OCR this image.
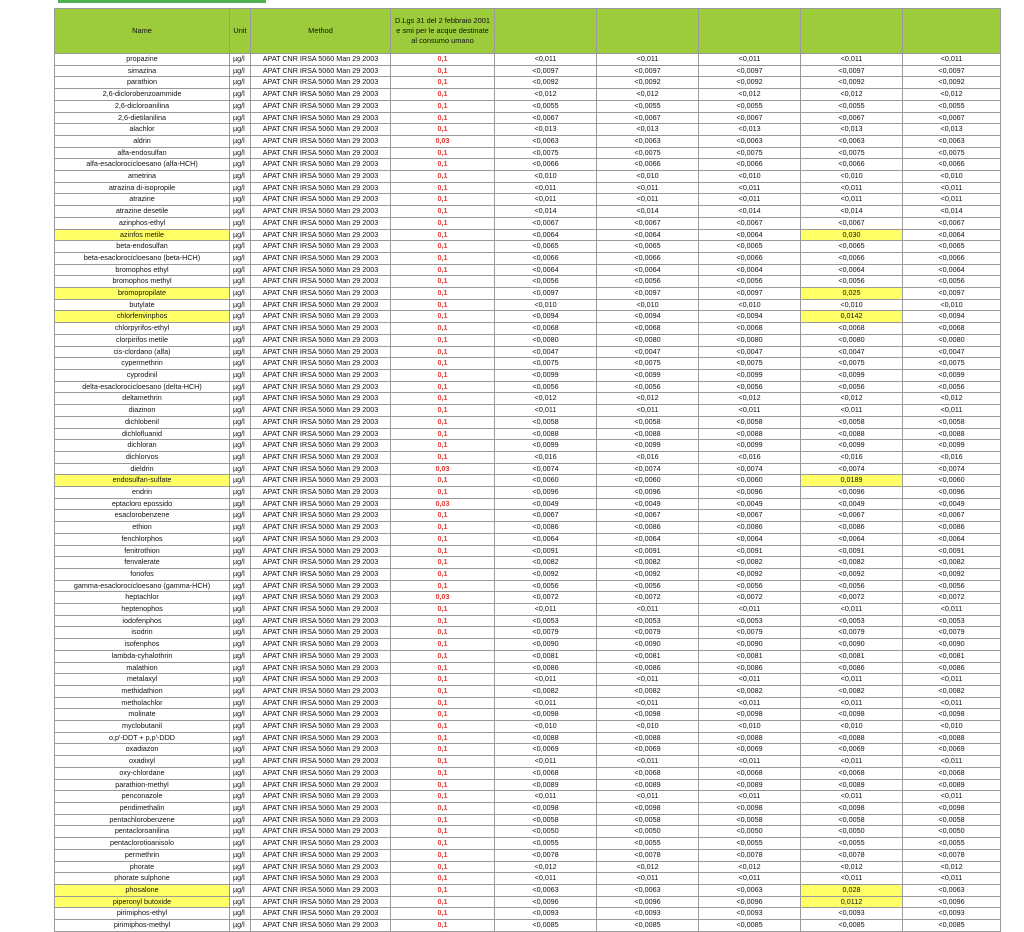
Name	Unit	Method	D.Lgs 31 del 2 febbraio 2001 e smi per le acque destinate al consumo umano					
propazine	µg/l	APAT CNR IRSA 5060 Man 29 2003	0,1	<0,011	<0,011	<0,011	<0,011	<0,011
simazina	µg/l	APAT CNR IRSA 5060 Man 29 2003	0,1	<0,0097	<0,0097	<0,0097	<0,0097	<0,0097
parathion	µg/l	APAT CNR IRSA 5060 Man 29 2003	0,1	<0,0092	<0,0092	<0,0092	<0,0092	<0,0092
2,6-diclorobenzoammide	µg/l	APAT CNR IRSA 5060 Man 29 2003	0,1	<0,012	<0,012	<0,012	<0,012	<0,012
2,6-dicloroanilina	µg/l	APAT CNR IRSA 5060 Man 29 2003	0,1	<0,0055	<0,0055	<0,0055	<0,0055	<0,0055
2,6-dietilanilina	µg/l	APAT CNR IRSA 5060 Man 29 2003	0,1	<0,0067	<0,0067	<0,0067	<0,0067	<0,0067
alachlor	µg/l	APAT CNR IRSA 5060 Man 29 2003	0,1	<0,013	<0,013	<0,013	<0,013	<0,013
aldrin	µg/l	APAT CNR IRSA 5060 Man 29 2003	0,03	<0,0063	<0,0063	<0,0063	<0,0063	<0,0063
alfa-endosulfan	µg/l	APAT CNR IRSA 5060 Man 29 2003	0,1	<0,0075	<0,0075	<0,0075	<0,0075	<0,0075
alfa-esaclorocicloesano (alfa-HCH)	µg/l	APAT CNR IRSA 5060 Man 29 2003	0,1	<0,0066	<0,0066	<0,0066	<0,0066	<0,0066
ametrina	µg/l	APAT CNR IRSA 5060 Man 29 2003	0,1	<0,010	<0,010	<0,010	<0,010	<0,010
atrazina di-isopropile	µg/l	APAT CNR IRSA 5060 Man 29 2003	0,1	<0,011	<0,011	<0,011	<0,011	<0,011
atrazine	µg/l	APAT CNR IRSA 5060 Man 29 2003	0,1	<0,011	<0,011	<0,011	<0,011	<0,011
atrazine desetile	µg/l	APAT CNR IRSA 5060 Man 29 2003	0,1	<0,014	<0,014	<0,014	<0,014	<0,014
azinphos-ethyl	µg/l	APAT CNR IRSA 5060 Man 29 2003	0,1	<0,0067	<0,0067	<0,0067	<0,0067	<0,0067
azinfos metile	µg/l	APAT CNR IRSA 5060 Man 29 2003	0,1	<0,0064	<0,0064	<0,0064	0,030	<0,0064
beta-endosulfan	µg/l	APAT CNR IRSA 5060 Man 29 2003	0,1	<0,0065	<0,0065	<0,0065	<0,0065	<0,0065
beta-esaclorocicloesano (beta-HCH)	µg/l	APAT CNR IRSA 5060 Man 29 2003	0,1	<0,0066	<0,0066	<0,0066	<0,0066	<0,0066
bromophos ethyl	µg/l	APAT CNR IRSA 5060 Man 29 2003	0,1	<0,0064	<0,0064	<0,0064	<0,0064	<0,0064
bromophos methyl	µg/l	APAT CNR IRSA 5060 Man 29 2003	0,1	<0,0056	<0,0056	<0,0056	<0,0056	<0,0056
bromopropilate	µg/l	APAT CNR IRSA 5060 Man 29 2003	0,1	<0,0097	<0,0097	<0,0097	0,025	<0,0097
butylate	µg/l	APAT CNR IRSA 5060 Man 29 2003	0,1	<0,010	<0,010	<0,010	<0,010	<0,010
chlorfenvinphos	µg/l	APAT CNR IRSA 5060 Man 29 2003	0,1	<0,0094	<0,0094	<0,0094	0,0142	<0,0094
chlorpyrifos-ethyl	µg/l	APAT CNR IRSA 5060 Man 29 2003	0,1	<0,0068	<0,0068	<0,0068	<0,0068	<0,0068
clorpirifos metile	µg/l	APAT CNR IRSA 5060 Man 29 2003	0,1	<0,0080	<0,0080	<0,0080	<0,0080	<0,0080
cis-clordano (alfa)	µg/l	APAT CNR IRSA 5060 Man 29 2003	0,1	<0,0047	<0,0047	<0,0047	<0,0047	<0,0047
cypermethrin	µg/l	APAT CNR IRSA 5060 Man 29 2003	0,1	<0,0075	<0,0075	<0,0075	<0,0075	<0,0075
cyprodinil	µg/l	APAT CNR IRSA 5060 Man 29 2003	0,1	<0,0099	<0,0099	<0,0099	<0,0099	<0,0099
delta-esaclorocicloesano (delta-HCH)	µg/l	APAT CNR IRSA 5060 Man 29 2003	0,1	<0,0056	<0,0056	<0,0056	<0,0056	<0,0056
deltamethrin	µg/l	APAT CNR IRSA 5060 Man 29 2003	0,1	<0,012	<0,012	<0,012	<0,012	<0,012
diazinon	µg/l	APAT CNR IRSA 5060 Man 29 2003	0,1	<0,011	<0,011	<0,011	<0,011	<0,011
dichlobenil	µg/l	APAT CNR IRSA 5060 Man 29 2003	0,1	<0,0058	<0,0058	<0,0058	<0,0058	<0,0058
dichlofluanid	µg/l	APAT CNR IRSA 5060 Man 29 2003	0,1	<0,0088	<0,0088	<0,0088	<0,0088	<0,0088
dichloran	µg/l	APAT CNR IRSA 5060 Man 29 2003	0,1	<0,0099	<0,0099	<0,0099	<0,0099	<0,0099
dichlorvos	µg/l	APAT CNR IRSA 5060 Man 29 2003	0,1	<0,016	<0,016	<0,016	<0,016	<0,016
dieldrin	µg/l	APAT CNR IRSA 5060 Man 29 2003	0,03	<0,0074	<0,0074	<0,0074	<0,0074	<0,0074
endosulfan-sulfate	µg/l	APAT CNR IRSA 5060 Man 29 2003	0,1	<0,0060	<0,0060	<0,0060	0,0189	<0,0060
endrin	µg/l	APAT CNR IRSA 5060 Man 29 2003	0,1	<0,0096	<0,0096	<0,0096	<0,0096	<0,0096
eptacloro epossido	µg/l	APAT CNR IRSA 5060 Man 29 2003	0,03	<0,0049	<0,0049	<0,0049	<0,0049	<0,0049
esaclorobenzene	µg/l	APAT CNR IRSA 5060 Man 29 2003	0,1	<0,0067	<0,0067	<0,0067	<0,0067	<0,0067
ethion	µg/l	APAT CNR IRSA 5060 Man 29 2003	0,1	<0,0086	<0,0086	<0,0086	<0,0086	<0,0086
fenchlorphos	µg/l	APAT CNR IRSA 5060 Man 29 2003	0,1	<0,0064	<0,0064	<0,0064	<0,0064	<0,0064
fenitrothion	µg/l	APAT CNR IRSA 5060 Man 29 2003	0,1	<0,0091	<0,0091	<0,0091	<0,0091	<0,0091
fenvalerate	µg/l	APAT CNR IRSA 5060 Man 29 2003	0,1	<0,0082	<0,0082	<0,0082	<0,0082	<0,0082
fonofos	µg/l	APAT CNR IRSA 5060 Man 29 2003	0,1	<0,0092	<0,0092	<0,0092	<0,0092	<0,0092
gamma-esaclorocicloesano (gamma-HCH)	µg/l	APAT CNR IRSA 5060 Man 29 2003	0,1	<0,0056	<0,0056	<0,0056	<0,0056	<0,0056
heptachlor	µg/l	APAT CNR IRSA 5060 Man 29 2003	0,03	<0,0072	<0,0072	<0,0072	<0,0072	<0,0072
heptenophos	µg/l	APAT CNR IRSA 5060 Man 29 2003	0,1	<0,011	<0,011	<0,011	<0,011	<0,011
iodofenphos	µg/l	APAT CNR IRSA 5060 Man 29 2003	0,1	<0,0053	<0,0053	<0,0053	<0,0053	<0,0053
isodrin	µg/l	APAT CNR IRSA 5060 Man 29 2003	0,1	<0,0079	<0,0079	<0,0079	<0,0079	<0,0079
isofenphos	µg/l	APAT CNR IRSA 5060 Man 29 2003	0,1	<0,0090	<0,0090	<0,0090	<0,0090	<0,0090
lambda-cyhalothrin	µg/l	APAT CNR IRSA 5060 Man 29 2003	0,1	<0,0081	<0,0081	<0,0081	<0,0081	<0,0081
malathion	µg/l	APAT CNR IRSA 5060 Man 29 2003	0,1	<0,0086	<0,0086	<0,0086	<0,0086	<0,0086
metalaxyl	µg/l	APAT CNR IRSA 5060 Man 29 2003	0,1	<0,011	<0,011	<0,011	<0,011	<0,011
methidathion	µg/l	APAT CNR IRSA 5060 Man 29 2003	0,1	<0,0082	<0,0082	<0,0082	<0,0082	<0,0082
metholachlor	µg/l	APAT CNR IRSA 5060 Man 29 2003	0,1	<0,011	<0,011	<0,011	<0,011	<0,011
molinate	µg/l	APAT CNR IRSA 5060 Man 29 2003	0,1	<0,0098	<0,0098	<0,0098	<0,0098	<0,0098
myclobutanil	µg/l	APAT CNR IRSA 5060 Man 29 2003	0,1	<0,010	<0,010	<0,010	<0,010	<0,010
o,p'-DDT + p,p'-DDD	µg/l	APAT CNR IRSA 5060 Man 29 2003	0,1	<0,0088	<0,0088	<0,0088	<0,0088	<0,0088
oxadiazon	µg/l	APAT CNR IRSA 5060 Man 29 2003	0,1	<0,0069	<0,0069	<0,0069	<0,0069	<0,0069
oxadixyl	µg/l	APAT CNR IRSA 5060 Man 29 2003	0,1	<0,011	<0,011	<0,011	<0,011	<0,011
oxy-chlordane	µg/l	APAT CNR IRSA 5060 Man 29 2003	0,1	<0,0068	<0,0068	<0,0068	<0,0068	<0,0068
parathion-methyl	µg/l	APAT CNR IRSA 5060 Man 29 2003	0,1	<0,0089	<0,0089	<0,0089	<0,0089	<0,0089
penconazole	µg/l	APAT CNR IRSA 5060 Man 29 2003	0,1	<0,011	<0,011	<0,011	<0,011	<0,011
pendimethalin	µg/l	APAT CNR IRSA 5060 Man 29 2003	0,1	<0,0098	<0,0098	<0,0098	<0,0098	<0,0098
pentachlorobenzene	µg/l	APAT CNR IRSA 5060 Man 29 2003	0,1	<0,0058	<0,0058	<0,0058	<0,0058	<0,0058
pentacloroanilina	µg/l	APAT CNR IRSA 5060 Man 29 2003	0,1	<0,0050	<0,0050	<0,0050	<0,0050	<0,0050
pentaclorotioanisolo	µg/l	APAT CNR IRSA 5060 Man 29 2003	0,1	<0,0055	<0,0055	<0,0055	<0,0055	<0,0055
permethrin	µg/l	APAT CNR IRSA 5060 Man 29 2003	0,1	<0,0078	<0,0078	<0,0078	<0,0078	<0,0078
phorate	µg/l	APAT CNR IRSA 5060 Man 29 2003	0,1	<0,012	<0,012	<0,012	<0,012	<0,012
phorate sulphone	µg/l	APAT CNR IRSA 5060 Man 29 2003	0,1	<0,011	<0,011	<0,011	<0,011	<0,011
phosalone	µg/l	APAT CNR IRSA 5060 Man 29 2003	0,1	<0,0063	<0,0063	<0,0063	0,028	<0,0063
piperonyl butoxide	µg/l	APAT CNR IRSA 5060 Man 29 2003	0,1	<0,0096	<0,0096	<0,0096	0,0112	<0,0096
pirimiphos-ethyl	µg/l	APAT CNR IRSA 5060 Man 29 2003	0,1	<0,0093	<0,0093	<0,0093	<0,0093	<0,0093
pirimiphos-methyl	µg/l	APAT CNR IRSA 5060 Man 29 2003	0,1	<0,0085	<0,0085	<0,0085	<0,0085	<0,0085
